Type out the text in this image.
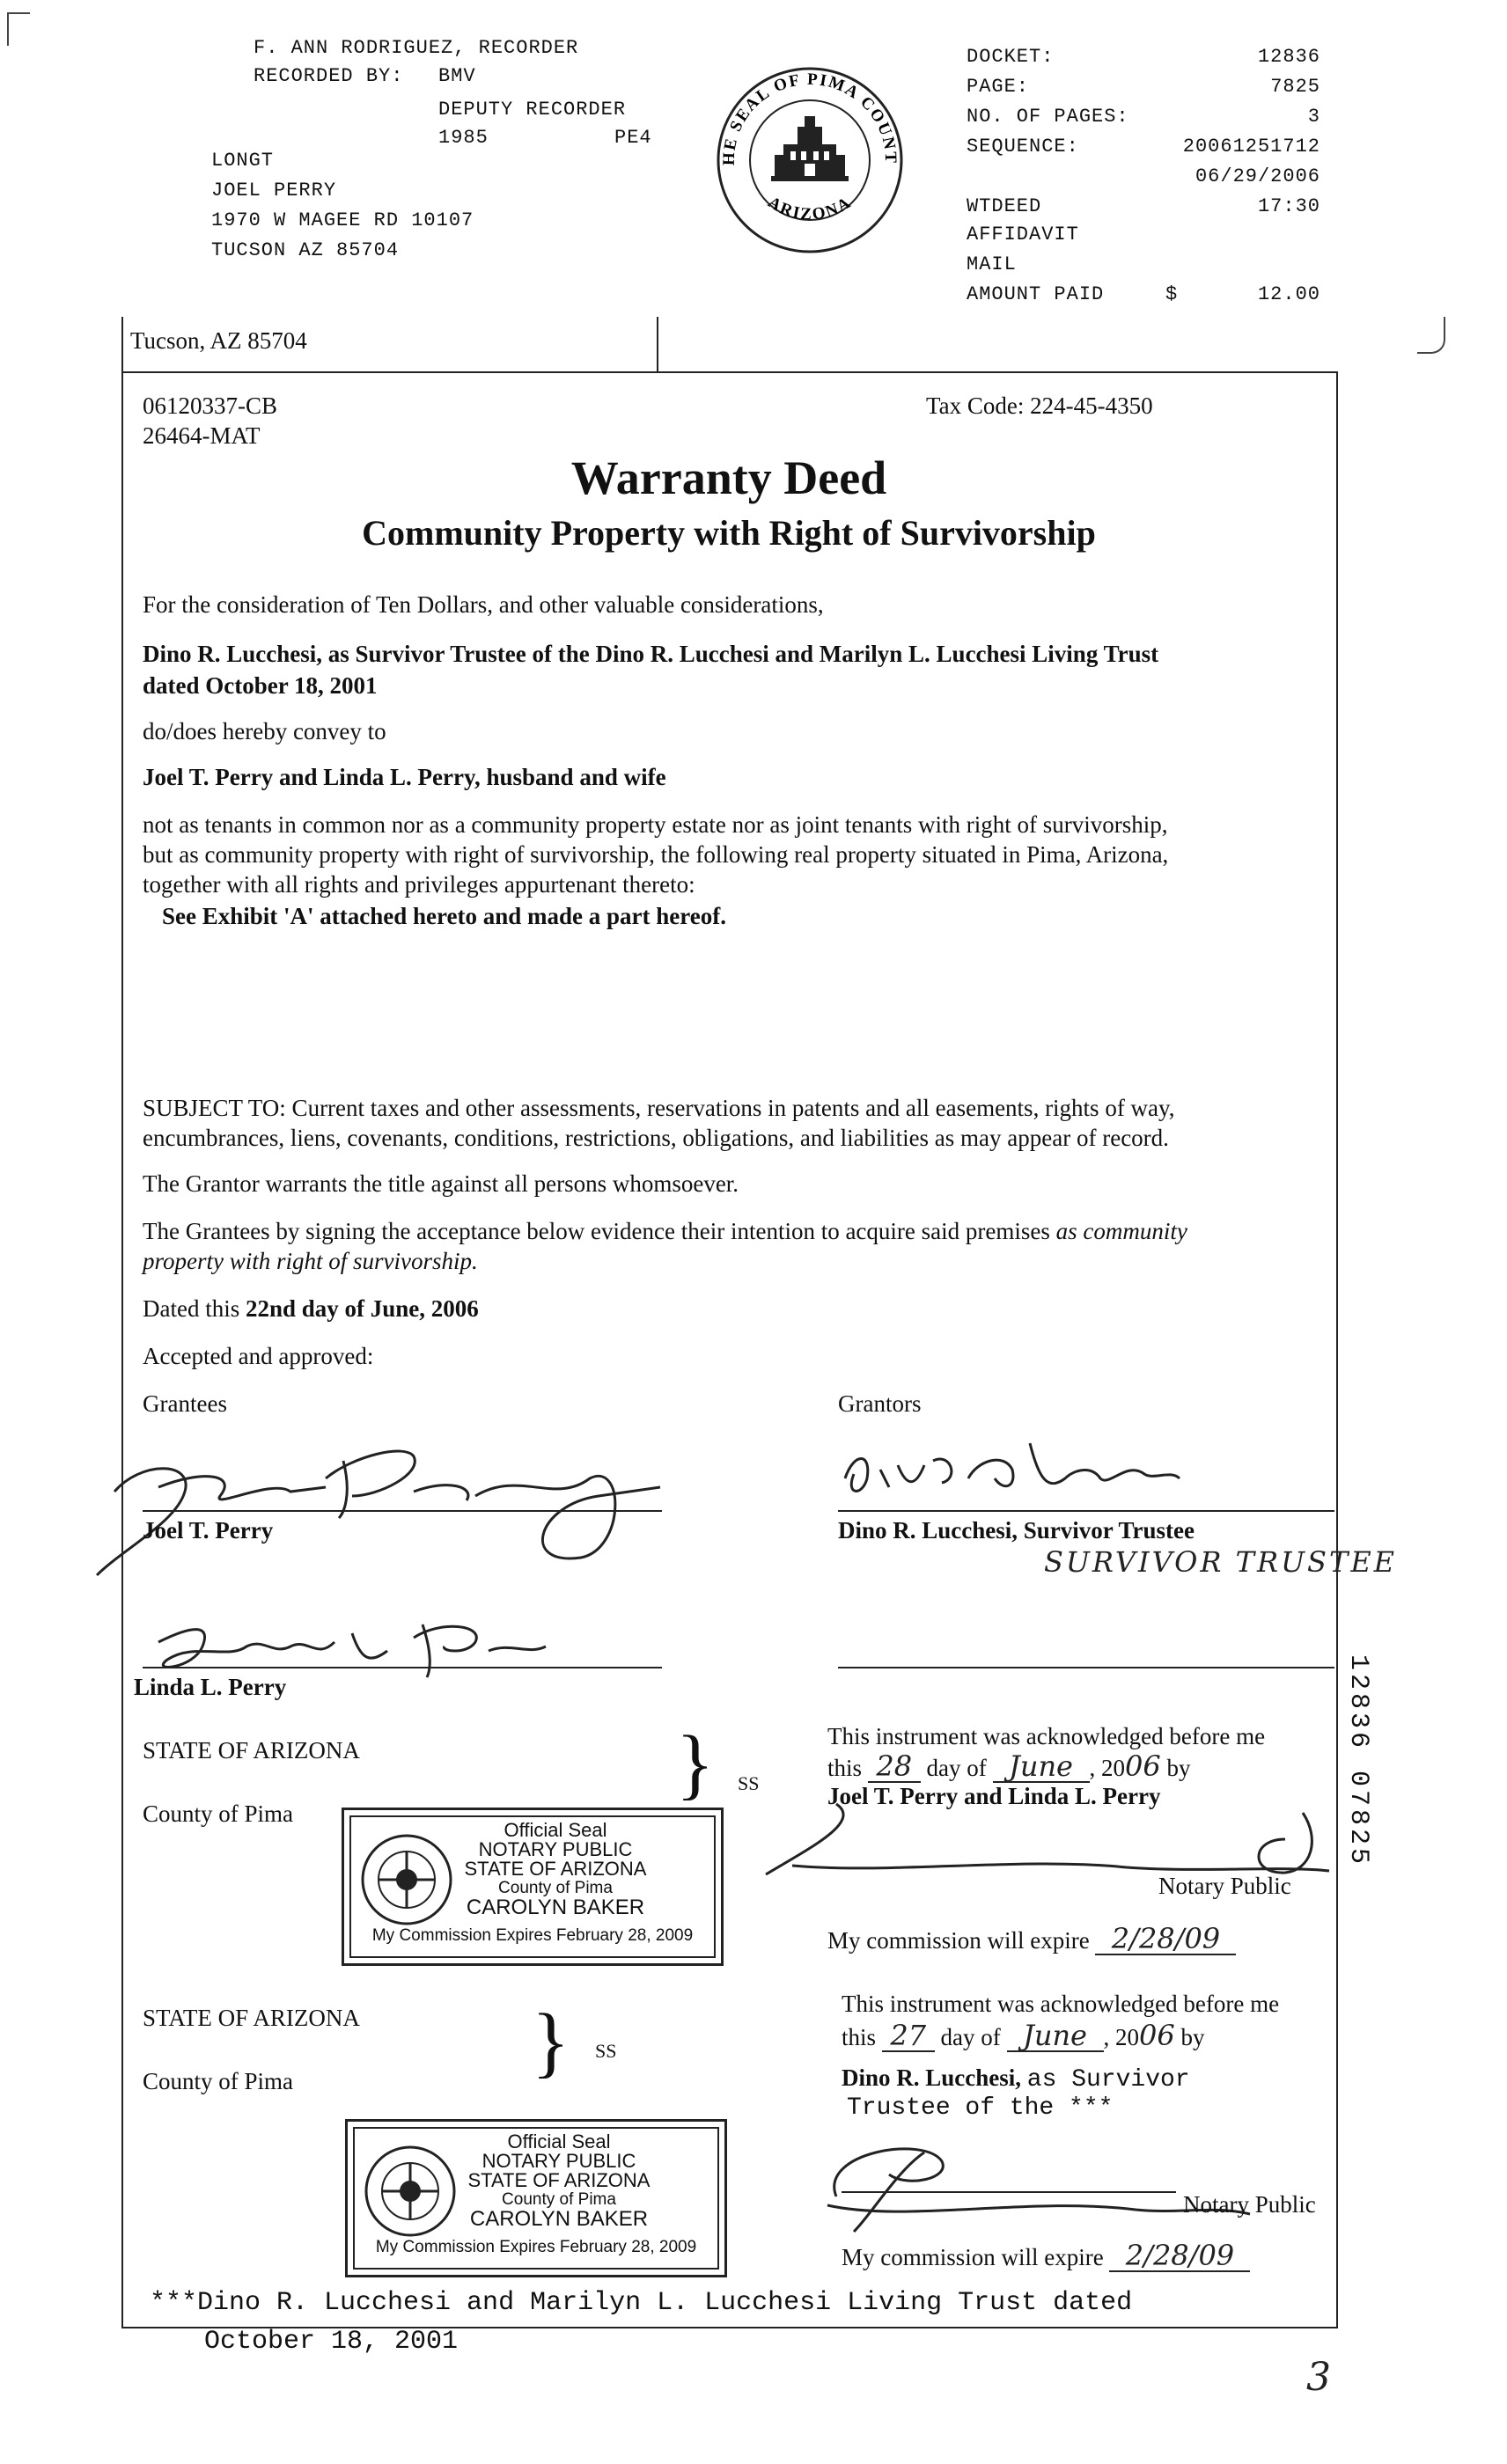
F. ANN RODRIGUEZ, RECORDER
RECORDED BY: BMV
DEPUTY RECORDER
1985	PE4
LONGT
JOEL PERRY
1970 W MAGEE RD 10107
TUCSON AZ 85704
THE SEAL OF PIMA COUNTY
ARIZONA
DOCKET:	12836
PAGE:	7825
NO. OF PAGES:	3
SEQUENCE:	20061251712
06/29/2006
WTDEED	17:30
AFFIDAVIT
MAIL
AMOUNT PAID	$	12.00
Tucson, AZ 85704
06120337-CB
26464-MAT
Tax Code: 224-45-4350
Warranty Deed
Community Property with Right of Survivorship
For the consideration of Ten Dollars, and other valuable considerations,
Dino R. Lucchesi, as Survivor Trustee of the Dino R. Lucchesi and Marilyn L. Lucchesi Living Trust
dated October 18, 2001
do/does hereby convey to
Joel T. Perry and Linda L. Perry, husband and wife
not as tenants in common nor as a community property estate nor as joint tenants with right of survivorship,
but as community property with right of survivorship, the following real property situated in Pima, Arizona,
together with all rights and privileges appurtenant thereto:
See Exhibit 'A' attached hereto and made a part hereof.
SUBJECT TO: Current taxes and other assessments, reservations in patents and all easements, rights of way,
encumbrances, liens, covenants, conditions, restrictions, obligations, and liabilities as may appear of record.
The Grantor warrants the title against all persons whomsoever.
The Grantees by signing the acceptance below evidence their intention to acquire said premises as community
property with right of survivorship.
Dated this 22nd day of June, 2006
Accepted and approved:
Grantees	Grantors
Joel T. Perry	Dino R. Lucchesi, Survivor Trustee
SURVIVOR TRUSTEE
Linda L. Perry
STATE OF ARIZONA
County of Pima
} SS
This instrument was acknowledged before me
this 28 day of June , 2006 by
Joel T. Perry and Linda L. Perry
Notary Public
My commission will expire 2/28/09
Official Seal
NOTARY PUBLIC
STATE OF ARIZONA
County of Pima
CAROLYN BAKER
My Commission Expires February 28, 2009
STATE OF ARIZONA
County of Pima	} SS
This instrument was acknowledged before me
this 27 day of June , 2006 by
Dino R. Lucchesi, as Survivor
Trustee of the ***
Notary Public
My commission will expire 2/28/09
Official Seal
NOTARY PUBLIC
STATE OF ARIZONA
County of Pima
CAROLYN BAKER
My Commission Expires February 28, 2009
***Dino R. Lucchesi and Marilyn L. Lucchesi Living Trust dated
October 18, 2001
12836 07825
3
